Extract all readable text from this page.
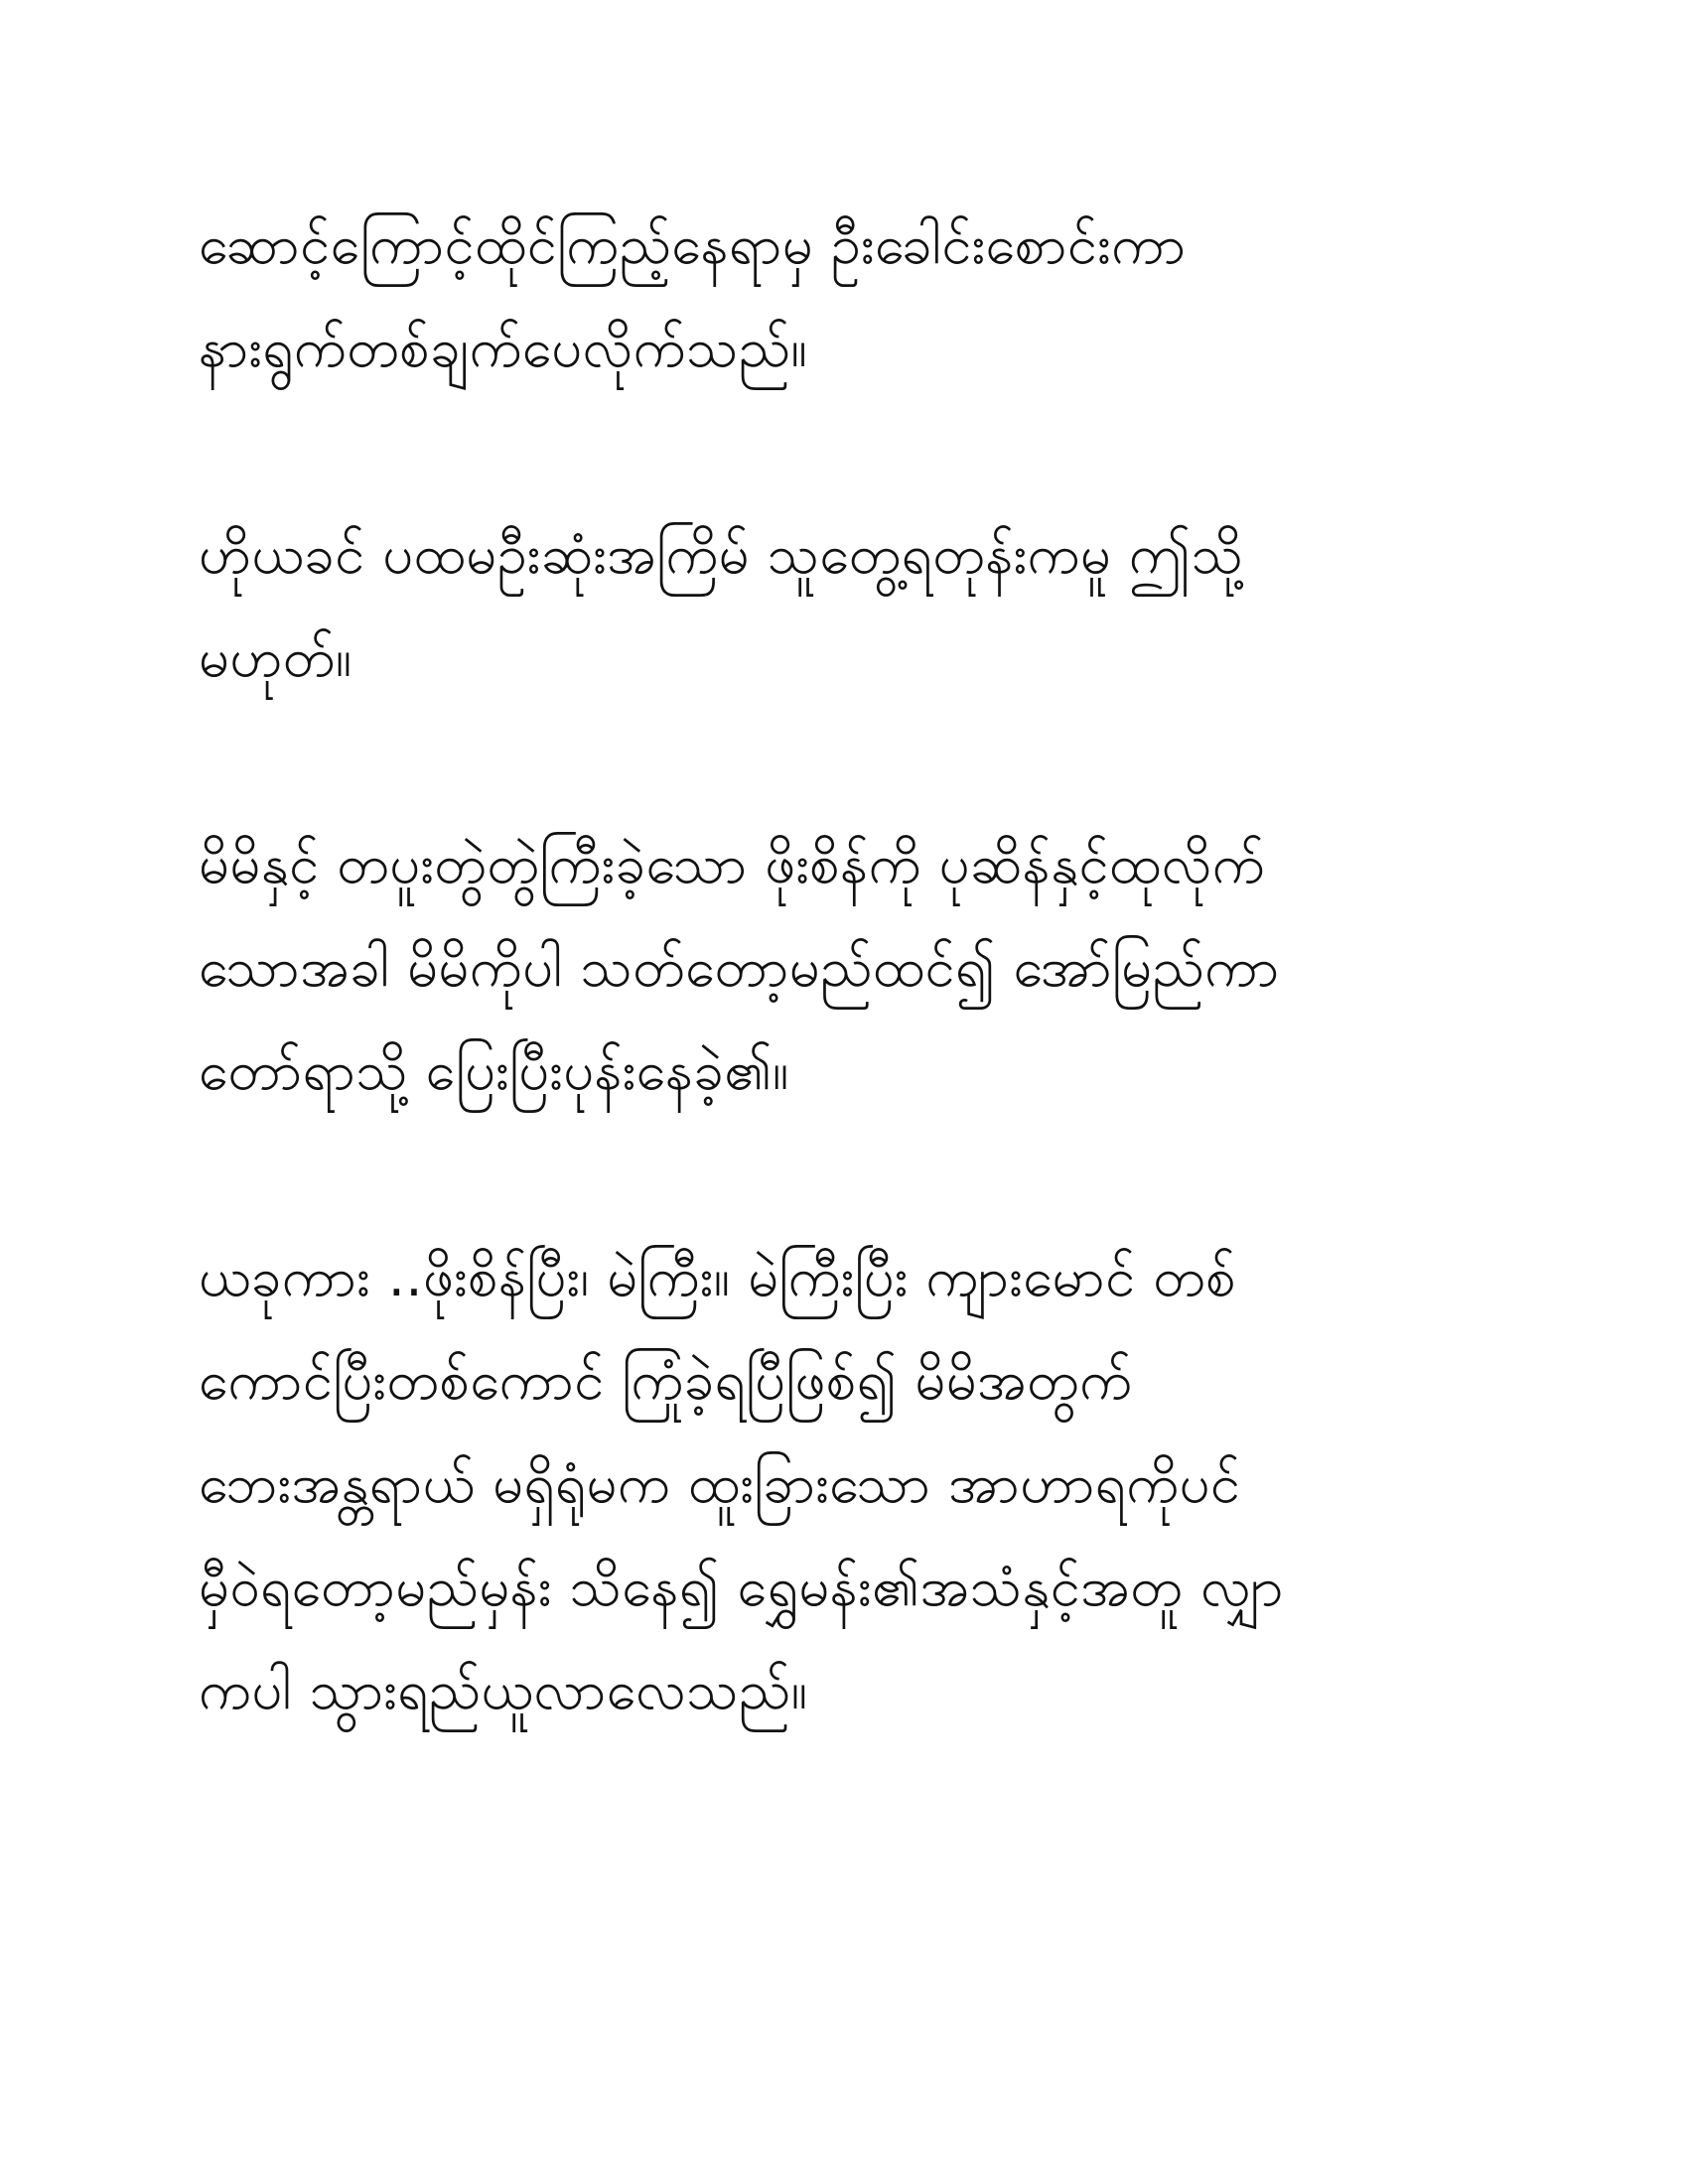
ဆောင့်ကြောင့်ထိုင်ကြည့်နေရာမှ ဦးခေါင်းစောင်းကာ
နားရွက်တစ်ချက်ပေလိုက်သည်။

ဟိုယခင် ပထမဦးဆုံးအကြိမ် သူတွေ့ရတုန်းကမူ ဤသို့
မဟုတ်။

မိမိနှင့် တပူးတွဲတွဲကြီးခဲ့သော ဖိုးစိန်ကို ပုဆိန်နှင့်ထုလိုက်
သောအခါ မိမိကိုပါ သတ်တော့မည်ထင်၍ အော်မြည်ကာ
တော်ရာသို့ ပြေးပြီးပုန်းနေခဲ့၏။

ယခုကား ..ဖိုးစိန်ပြီး၊ မဲကြီး။ မဲကြီးပြီး ကျားမောင် တစ်
ကောင်ပြီးတစ်ကောင် ကြုံခဲ့ရပြီဖြစ်၍ မိမိအတွက်
ဘေးအန္တရာယ် မရှိရုံမက ထူးခြားသော အာဟာရကိုပင်
မှီဝဲရတော့မည်မှန်း သိနေ၍ ရွှေမန်း၏အသံနှင့်အတူ လျှာ
ကပါ သွားရည်ယူလာလေသည်။
